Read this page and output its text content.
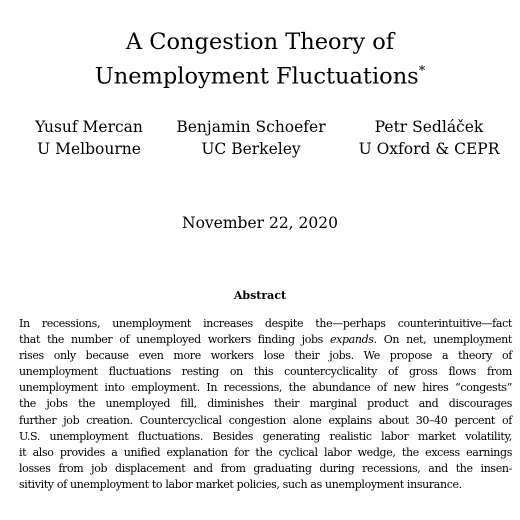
A Congestion Theory of
Unemployment Fluctuations*
Yusuf Mercan
U Melbourne
Benjamin Schoefer
UC Berkeley
Petr Sedláček
U Oxford & CEPR
November 22, 2020
Abstract
In recessions, unemployment increases despite the—perhaps counterintuitive—fact
that the number of unemployed workers finding jobs expands. On net, unemployment
rises only because even more workers lose their jobs. We propose a theory of
unemployment fluctuations resting on this countercyclicality of gross flows from
unemployment into employment. In recessions, the abundance of new hires “congests”
the jobs the unemployed fill, diminishes their marginal product and discourages
further job creation. Countercyclical congestion alone explains about 30–40 percent of
U.S. unemployment fluctuations. Besides generating realistic labor market volatility,
it also provides a unified explanation for the cyclical labor wedge, the excess earnings
losses from job displacement and from graduating during recessions, and the insen-
sitivity of unemployment to labor market policies, such as unemployment insurance.
